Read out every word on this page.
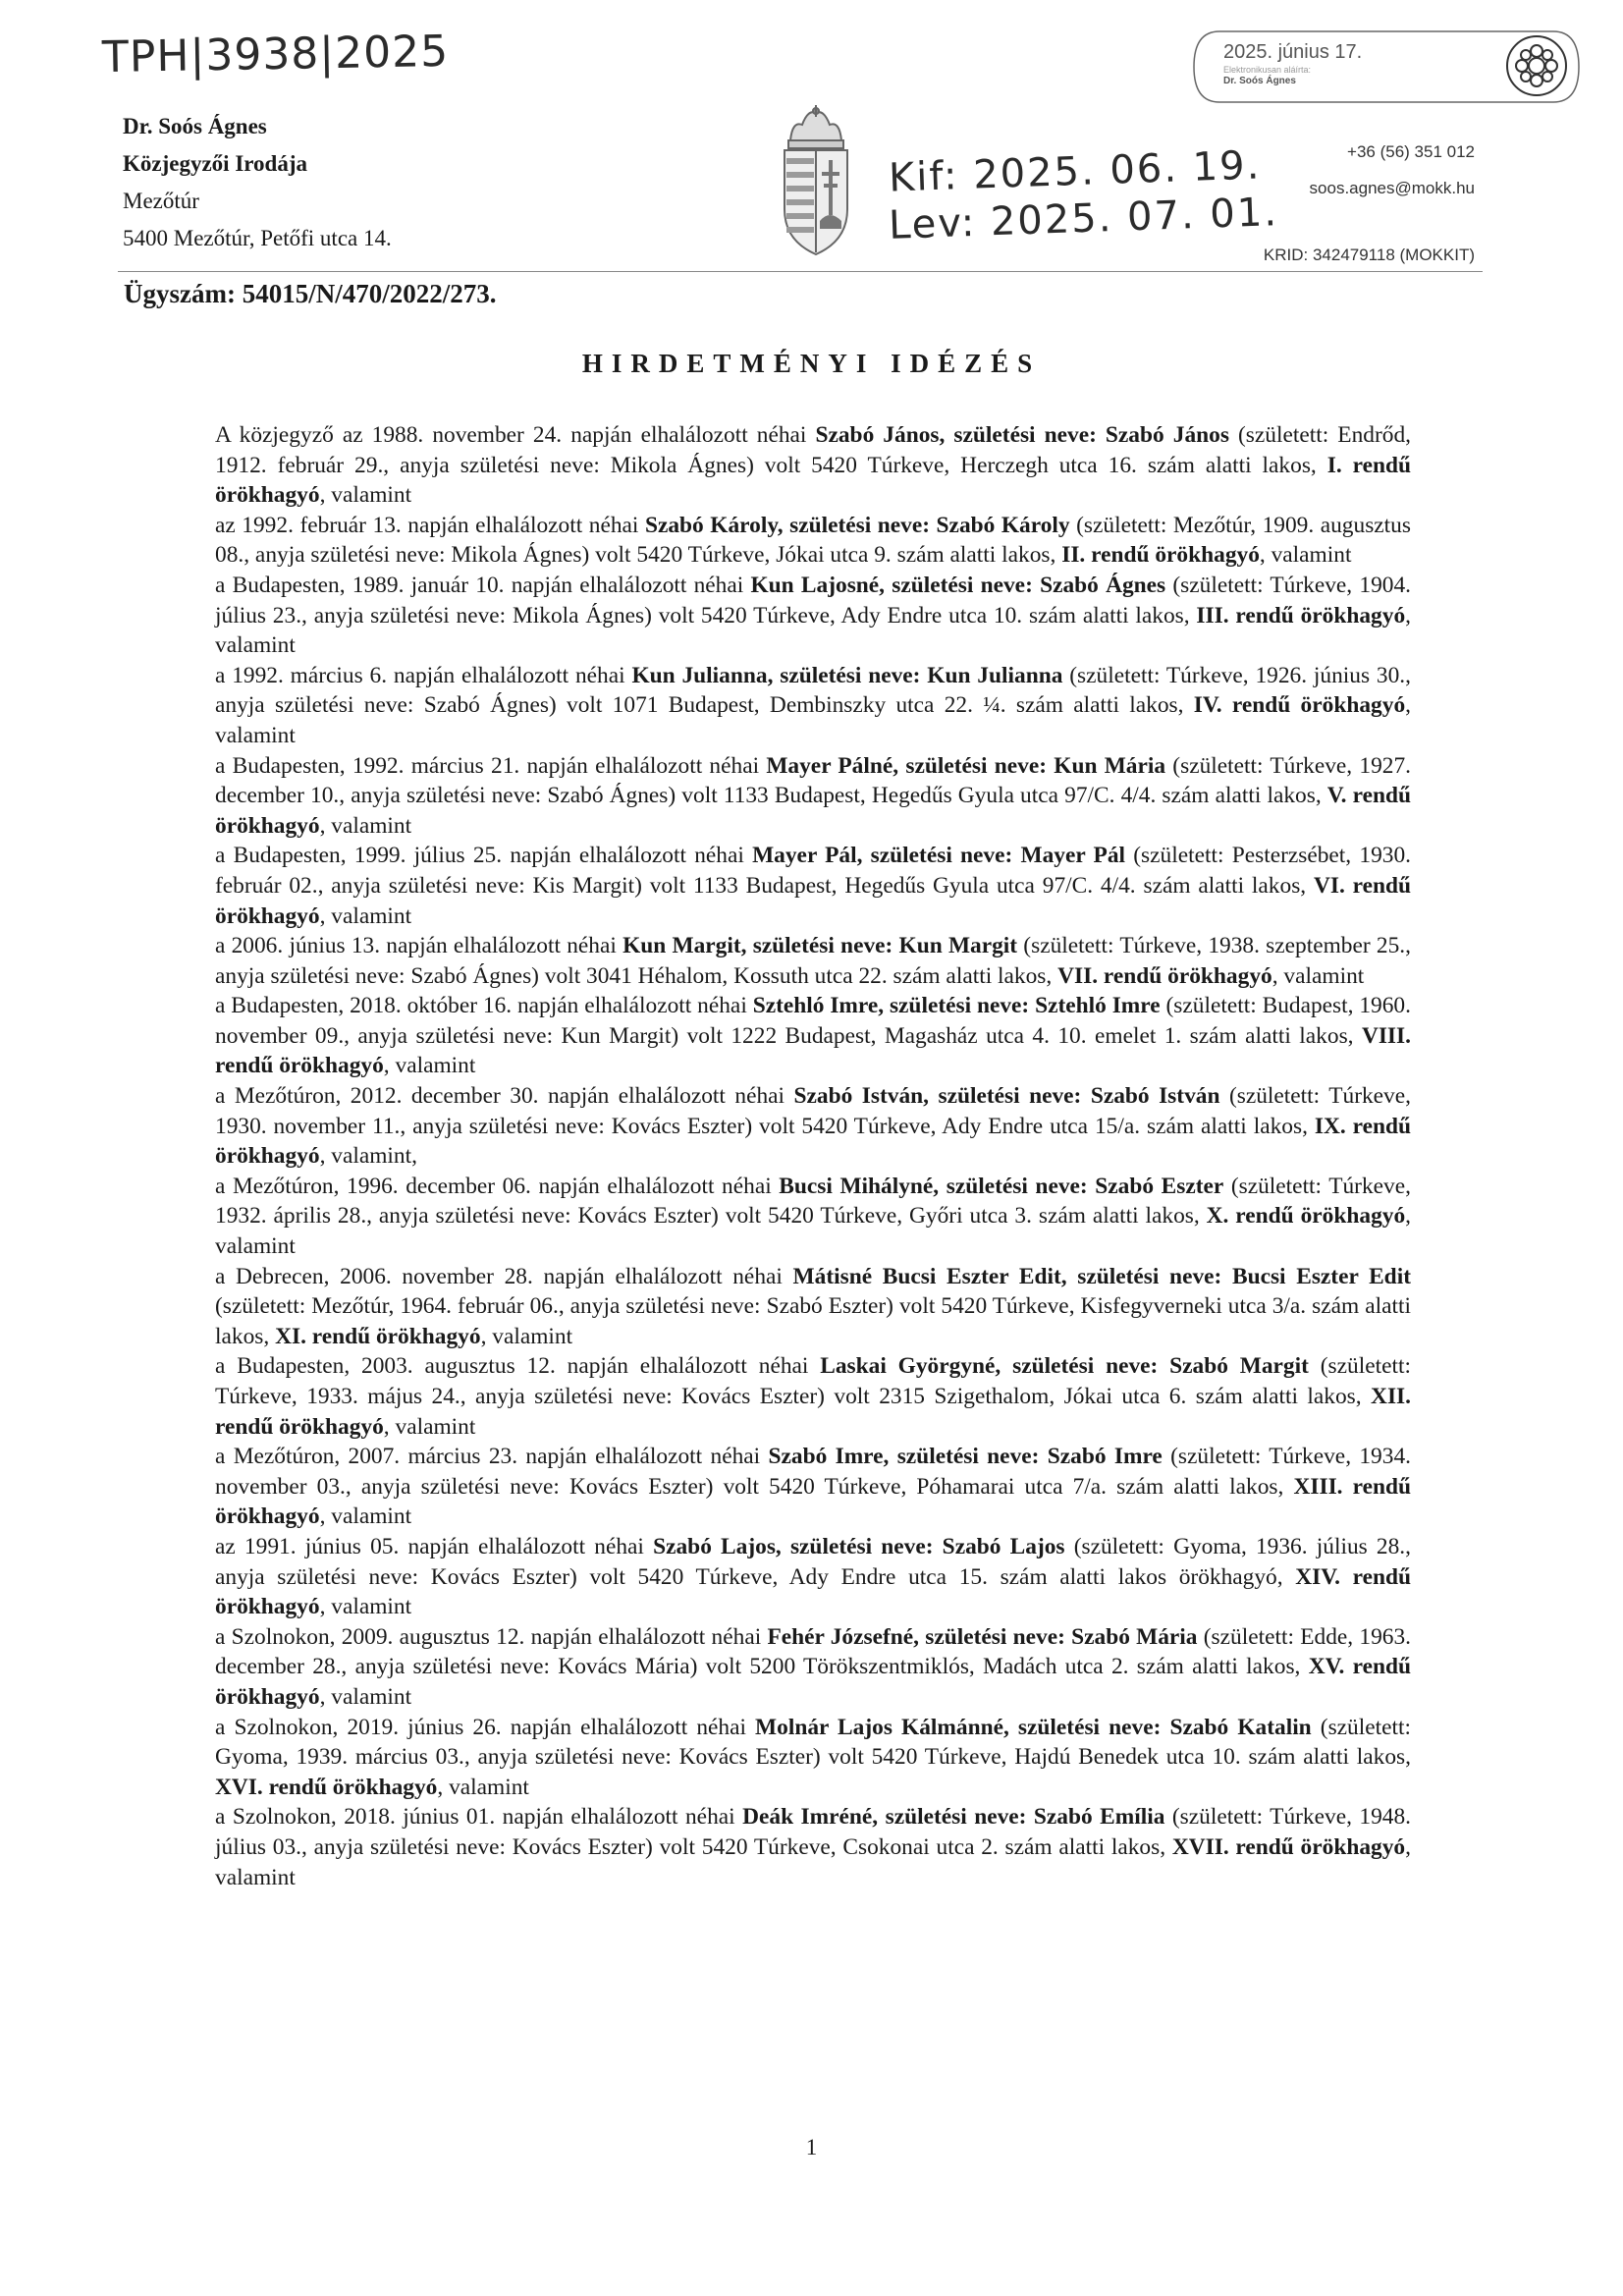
TPH|3938|2025
Kif: 2025. 06. 19.
Lev: 2025. 07. 01.
Dr. Soós Ágnes
Közjegyzői Irodája
Mezőtúr
5400 Mezőtúr, Petőfi utca 14.
2025. június 17.
Elektronikusan aláírta:
Dr. Soós Ágnes
+36 (56) 351 012
soos.agnes@mokk.hu
KRID: 342479118 (MOKKIT)
Ügyszám: 54015/N/470/2022/273.
HIRDETMÉNYI IDÉZÉS

A közjegyző az 1988. november 24. napján elhalálozott néhai Szabó János, születési neve: Szabó János (született: Endrőd, 1912. február 29., anyja születési neve: Mikola Ágnes) volt 5420 Túrkeve, Herczegh utca 16. szám alatti lakos, I. rendű örökhagyó, valamint

az 1992. február 13. napján elhalálozott néhai Szabó Károly, születési neve: Szabó Károly (született: Mezőtúr, 1909. augusztus 08., anyja születési neve: Mikola Ágnes) volt 5420 Túrkeve, Jókai utca 9. szám alatti lakos, II. rendű örökhagyó, valamint

a Budapesten, 1989. január 10. napján elhalálozott néhai Kun Lajosné, születési neve: Szabó Ágnes (született: Túrkeve, 1904. július 23., anyja születési neve: Mikola Ágnes) volt 5420 Túrkeve, Ady Endre utca 10. szám alatti lakos, III. rendű örökhagyó, valamint

a 1992. március 6. napján elhalálozott néhai Kun Julianna, születési neve: Kun Julianna (született: Túrkeve, 1926. június 30., anyja születési neve: Szabó Ágnes) volt 1071 Budapest, Dembinszky utca 22. ¼. szám alatti lakos, IV. rendű örökhagyó, valamint

a Budapesten, 1992. március 21. napján elhalálozott néhai Mayer Pálné, születési neve: Kun Mária (született: Túrkeve, 1927. december 10., anyja születési neve: Szabó Ágnes) volt 1133 Budapest, Hegedűs Gyula utca 97/C. 4/4. szám alatti lakos, V. rendű örökhagyó, valamint

a Budapesten, 1999. július 25. napján elhalálozott néhai Mayer Pál, születési neve: Mayer Pál (született: Pesterzsébet, 1930. február 02., anyja születési neve: Kis Margit) volt 1133 Budapest, Hegedűs Gyula utca 97/C. 4/4. szám alatti lakos, VI. rendű örökhagyó, valamint

a 2006. június 13. napján elhalálozott néhai Kun Margit, születési neve: Kun Margit (született: Túrkeve, 1938. szeptember 25., anyja születési neve: Szabó Ágnes) volt 3041 Héhalom, Kossuth utca 22. szám alatti lakos, VII. rendű örökhagyó, valamint

a Budapesten, 2018. október 16. napján elhalálozott néhai Sztehló Imre, születési neve: Sztehló Imre (született: Budapest, 1960. november 09., anyja születési neve: Kun Margit) volt 1222 Budapest, Magasház utca 4. 10. emelet 1. szám alatti lakos, VIII. rendű örökhagyó, valamint

a Mezőtúron, 2012. december 30. napján elhalálozott néhai Szabó István, születési neve: Szabó István (született: Túrkeve, 1930. november 11., anyja születési neve: Kovács Eszter) volt 5420 Túrkeve, Ady Endre utca 15/a. szám alatti lakos, IX. rendű örökhagyó, valamint,

a Mezőtúron, 1996. december 06. napján elhalálozott néhai Bucsi Mihályné, születési neve: Szabó Eszter (született: Túrkeve, 1932. április 28., anyja születési neve: Kovács Eszter) volt 5420 Túrkeve, Győri utca 3. szám alatti lakos, X. rendű örökhagyó, valamint

a Debrecen, 2006. november 28. napján elhalálozott néhai Mátisné Bucsi Eszter Edit, születési neve: Bucsi Eszter Edit (született: Mezőtúr, 1964. február 06., anyja születési neve: Szabó Eszter) volt 5420 Túrkeve, Kisfegyverneki utca 3/a. szám alatti lakos, XI. rendű örökhagyó, valamint

a Budapesten, 2003. augusztus 12. napján elhalálozott néhai Laskai Györgyné, születési neve: Szabó Margit (született: Túrkeve, 1933. május 24., anyja születési neve: Kovács Eszter) volt 2315 Szigethalom, Jókai utca 6. szám alatti lakos, XII. rendű örökhagyó, valamint

a Mezőtúron, 2007. március 23. napján elhalálozott néhai Szabó Imre, születési neve: Szabó Imre (született: Túrkeve, 1934. november 03., anyja születési neve: Kovács Eszter) volt 5420 Túrkeve, Póhamarai utca 7/a. szám alatti lakos, XIII. rendű örökhagyó, valamint

az 1991. június 05. napján elhalálozott néhai Szabó Lajos, születési neve: Szabó Lajos (született: Gyoma, 1936. július 28., anyja születési neve: Kovács Eszter) volt 5420 Túrkeve, Ady Endre utca 15. szám alatti lakos örökhagyó, XIV. rendű örökhagyó, valamint

a Szolnokon, 2009. augusztus 12. napján elhalálozott néhai Fehér Józsefné, születési neve: Szabó Mária (született: Edde, 1963. december 28., anyja születési neve: Kovács Mária) volt 5200 Törökszentmiklós, Madách utca 2. szám alatti lakos, XV. rendű örökhagyó, valamint

a Szolnokon, 2019. június 26. napján elhalálozott néhai Molnár Lajos Kálmánné, születési neve: Szabó Katalin (született: Gyoma, 1939. március 03., anyja születési neve: Kovács Eszter) volt 5420 Túrkeve, Hajdú Benedek utca 10. szám alatti lakos, XVI. rendű örökhagyó, valamint

a Szolnokon, 2018. június 01. napján elhalálozott néhai Deák Imréné, születési neve: Szabó Emília (született: Túrkeve, 1948. július 03., anyja születési neve: Kovács Eszter) volt 5420 Túrkeve, Csokonai utca 2. szám alatti lakos, XVII. rendű örökhagyó, valamint

1
